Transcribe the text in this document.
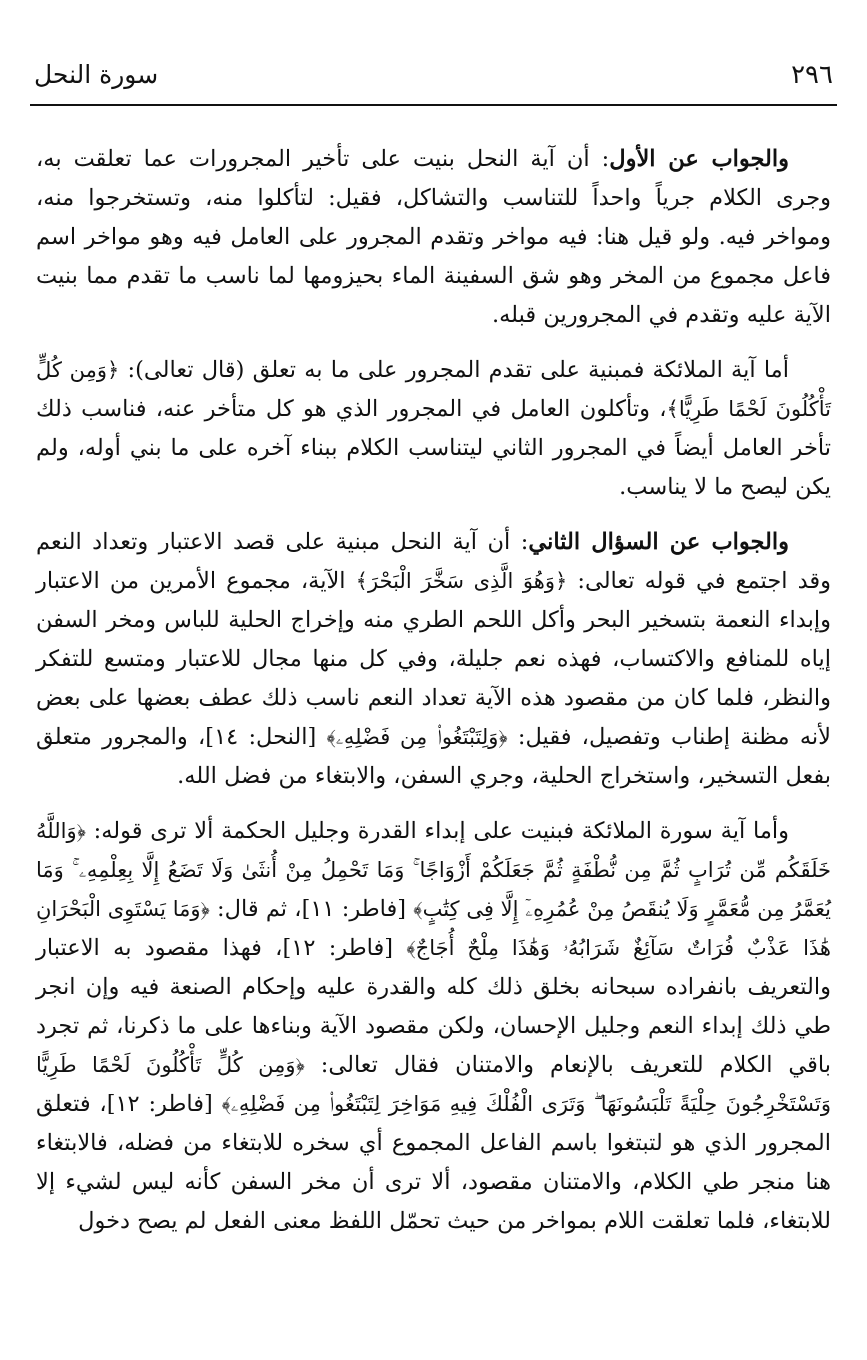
٢٩٦
سورة النحل

والجواب عن الأول: أن آية النحل بنيت على تأخير المجرورات عما تعلقت به، وجرى الكلام جرياً واحداً للتناسب والتشاكل، فقيل: لتأكلوا منه، وتستخرجوا منه، ومواخر فيه. ولو قيل هنا: فيه مواخر وتقدم المجرور على العامل فيه وهو مواخر اسم فاعل مجموع من المخر وهو شق السفينة الماء بحيزومها لما ناسب ما تقدم مما بنيت الآية عليه وتقدم في المجرورين قبله.

أما آية الملائكة فمبنية على تقدم المجرور على ما به تعلق (قال تعالى): ﴿وَمِن كُلٍّ تَأْكُلُونَ لَحْمًا طَرِيًّا﴾، وتأكلون العامل في المجرور الذي هو كل متأخر عنه، فناسب ذلك تأخر العامل أيضاً في المجرور الثاني ليتناسب الكلام ببناء آخره على ما بني أوله، ولم يكن ليصح ما لا يناسب.

والجواب عن السؤال الثاني: أن آية النحل مبنية على قصد الاعتبار وتعداد النعم وقد اجتمع في قوله تعالى: ﴿وَهُوَ الَّذِى سَخَّرَ الْبَحْرَ﴾ الآية، مجموع الأمرين من الاعتبار وإبداء النعمة بتسخير البحر وأكل اللحم الطري منه وإخراج الحلية للباس ومخر السفن إياه للمنافع والاكتساب، فهذه نعم جليلة، وفي كل منها مجال للاعتبار ومتسع للتفكر والنظر، فلما كان من مقصود هذه الآية تعداد النعم ناسب ذلك عطف بعضها على بعض لأنه مظنة إطناب وتفصيل، فقيل: ﴿وَلِتَبْتَغُوا۟ مِن فَضْلِهِۦ﴾ [النحل: ١٤]، والمجرور متعلق بفعل التسخير، واستخراج الحلية، وجري السفن، والابتغاء من فضل الله.

وأما آية سورة الملائكة فبنيت على إبداء القدرة وجليل الحكمة ألا ترى قوله: ﴿وَاللَّهُ خَلَقَكُم مِّن تُرَابٍ ثُمَّ مِن نُّطْفَةٍ ثُمَّ جَعَلَكُمْ أَزْوَاجًا ۚ وَمَا تَحْمِلُ مِنْ أُنثَىٰ وَلَا تَضَعُ إِلَّا بِعِلْمِهِۦ ۚ وَمَا يُعَمَّرُ مِن مُّعَمَّرٍ وَلَا يُنقَصُ مِنْ عُمُرِهِۦٓ إِلَّا فِى كِتَٰبٍ﴾ [فاطر: ١١]، ثم قال: ﴿وَمَا يَسْتَوِى الْبَحْرَانِ هَٰذَا عَذْبٌ فُرَاتٌ سَآئِغٌ شَرَابُهُۥ وَهَٰذَا مِلْحٌ أُجَاجٌ﴾ [فاطر: ١٢]، فهذا مقصود به الاعتبار والتعريف بانفراده سبحانه بخلق ذلك كله والقدرة عليه وإحكام الصنعة فيه وإن انجر طي ذلك إبداء النعم وجليل الإحسان، ولكن مقصود الآية وبناءها على ما ذكرنا، ثم تجرد باقي الكلام للتعريف بالإنعام والامتنان فقال تعالى: ﴿وَمِن كُلٍّ تَأْكُلُونَ لَحْمًا طَرِيًّا وَتَسْتَخْرِجُونَ حِلْيَةً تَلْبَسُونَهَا ۖ وَتَرَى الْفُلْكَ فِيهِ مَوَاخِرَ لِتَبْتَغُوا۟ مِن فَضْلِهِۦ﴾ [فاطر: ١٢]، فتعلق المجرور الذي هو لتبتغوا باسم الفاعل المجموع أي سخره للابتغاء من فضله، فالابتغاء هنا منجر طي الكلام، والامتنان مقصود، ألا ترى أن مخر السفن كأنه ليس لشيء إلا للابتغاء، فلما تعلقت اللام بمواخر من حيث تحمّل اللفظ معنى الفعل لم يصح دخول
